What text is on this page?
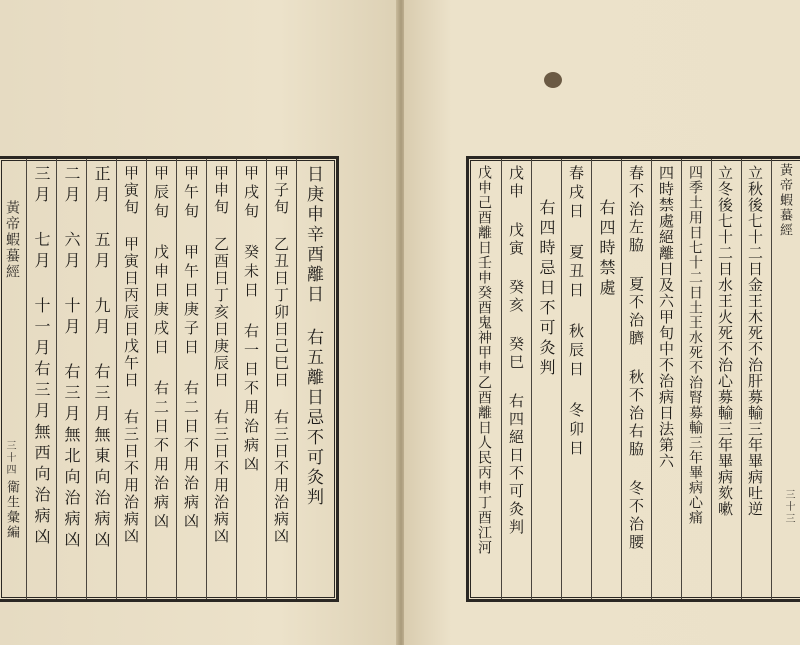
黃帝蝦蟇經
衛生彙編
三十四 三月 七月 十一月右三月無西向治病凶 二月 六月 十月 右三月無北向治病凶 正月 五月 九月 右三月無東向治病凶 甲寅旬 甲寅日丙辰日戊午日 右三日不用治病凶 甲辰旬 戊申日庚戌日 右二日不用治病凶 甲午旬 甲午日庚子日 右二日不用治病凶 甲申旬 乙酉日丁亥日庚辰日 右三日不用治病凶 甲戌旬 癸未日 右一日不用治病凶 甲子旬 乙丑日丁卯日己巳日 右三日不用治病凶 日庚申辛酉離日 右五離日忌不可灸判	戊申己酉離日壬申癸酉鬼神甲申乙酉離日人民丙申丁酉江河 戊申 戊寅 癸亥 癸巳 右四絕日不可灸判 右四時忌日不可灸判 春戌日 夏丑日 秋辰日 冬卯日 右四時禁處 春不治左脇 夏不治臍 秋不治右脇 冬不治腰 四時禁處絕離日及六甲旬中不治病日法第六 四季土用日七十二日土王水死不治腎募輸三年畢病心痛 立冬後七十二日水王火死不治心募輸三年畢病欬嗽 立秋後七十二日金王木死不治肝募輸三年畢病吐逆 黃帝蝦蟇經
三十三
